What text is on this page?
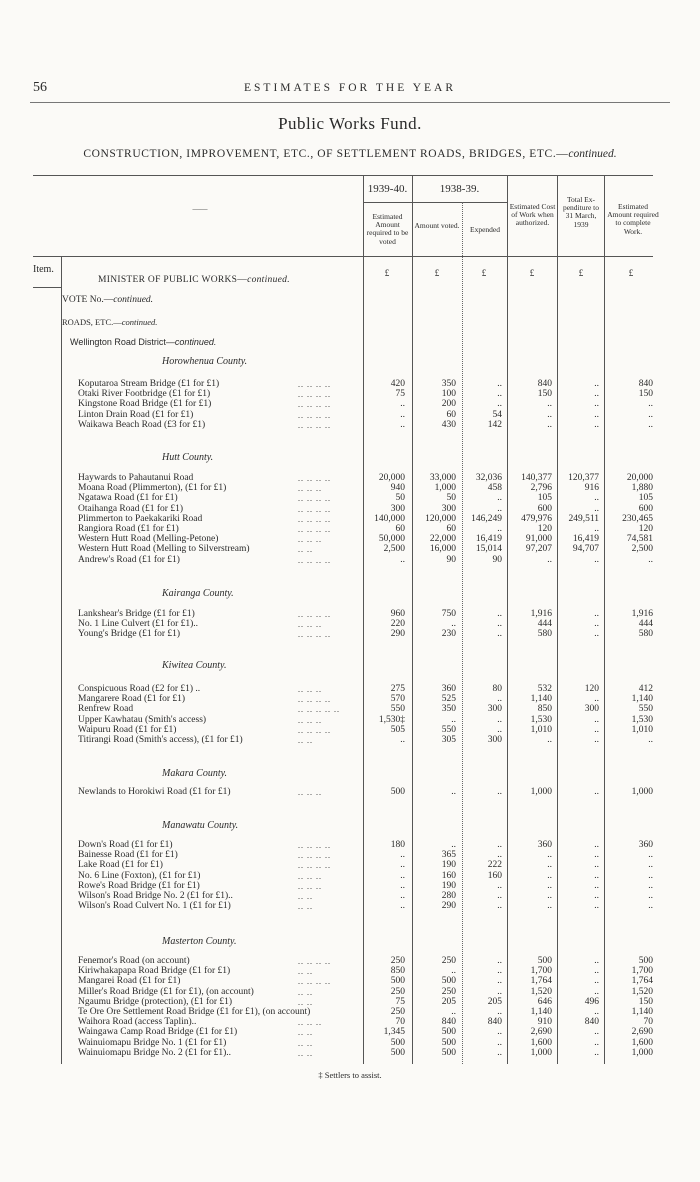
56	ESTIMATES FOR THE YEAR
Public Works Fund.
CONSTRUCTION, IMPROVEMENT, ETC., OF SETTLEMENT ROADS, BRIDGES, ETC.—continued.
——
1939-40.	1938-39.
Estimated Amount required to be voted
Amount voted.	Expended
Estimated Cost of Work when authorized.
Total Ex-penditure to 31 March, 1939
Estimated Amount required to complete Work.
Item.	£	£	£	£	£	£
MINISTER OF PUBLIC WORKS—continued.
VOTE No.—continued.
ROADS, ETC.—continued.
Wellington Road District—continued.
Horowhenua County.
Koputaroa Stream Bridge (£1 for £1)	.. .. .. ..	420	350	..	840	..	840
Otaki River Footbridge (£1 for £1)	.. .. .. ..	75	100	..	150	..	150
Kingstone Road Bridge (£1 for £1)	.. .. .. ..	..	200	..	..	..	..
Linton Drain Road (£1 for £1)	.. .. .. ..	..	60	54	..	..	..
Waikawa Beach Road (£3 for £1)	.. .. .. ..	..	430	142	..	..	..
Hutt County.
Haywards to Pahautanui Road	.. .. .. ..	20,000	33,000	32,036	140,377	120,377	20,000
Moana Road (Plimmerton), (£1 for £1)	.. .. ..	940	1,000	458	2,796	916	1,880
Ngatawa Road (£1 for £1)	.. .. .. ..	50	50	..	105	..	105
Otaihanga Road (£1 for £1)	.. .. .. ..	300	300	..	600	..	600
Plimmerton to Paekakariki Road	.. .. .. ..	140,000	120,000	146,249	479,976	249,511	230,465
Rangiora Road (£1 for £1)	.. .. .. ..	60	60	..	120	..	120
Western Hutt Road (Melling-Petone)	.. .. ..	50,000	22,000	16,419	91,000	16,419	74,581
Western Hutt Road (Melling to Silverstream)	.. ..	2,500	16,000	15,014	97,207	94,707	2,500
Andrew's Road (£1 for £1)	.. .. .. ..	..	90	90	..	..	..
Kairanga County.
Lankshear's Bridge (£1 for £1)	.. .. .. ..	960	750	..	1,916	..	1,916
No. 1 Line Culvert (£1 for £1)..	.. .. ..	220	..	..	444	..	444
Young's Bridge (£1 for £1)	.. .. .. ..	290	230	..	580	..	580
Kiwitea County.
Conspicuous Road (£2 for £1) ..	.. .. ..	275	360	80	532	120	412
Mangarere Road (£1 for £1)	.. .. .. ..	570	525	..	1,140	..	1,140
Renfrew Road	.. .. .. .. ..	550	350	300	850	300	550
Upper Kawhatau (Smith's access)	.. .. ..	1,530‡	..	..	1,530	..	1,530
Waipuru Road (£1 for £1)	.. .. .. ..	505	550	..	1,010	..	1,010
Titirangi Road (Smith's access), (£1 for £1)	.. ..	..	305	300	..	..	..
Makara County.
Newlands to Horokiwi Road (£1 for £1)	.. .. ..	500	..	..	1,000	..	1,000
Manawatu County.
Down's Road (£1 for £1)	.. .. .. ..	180	..	..	360	..	360
Bainesse Road (£1 for £1)	.. .. .. ..	..	365	..	..	..	..
Lake Road (£1 for £1)	.. .. .. ..	..	190	222	..	..	..
No. 6 Line (Foxton), (£1 for £1)	.. .. ..	..	160	160	..	..	..
Rowe's Road Bridge (£1 for £1)	.. .. ..	..	190	..	..	..	..
Wilson's Road Bridge No. 2 (£1 for £1)..	.. ..	..	280	..	..	..	..
Wilson's Road Culvert No. 1 (£1 for £1)	.. ..	..	290	..	..	..	..
Masterton County.
Fenemor's Road (on account)	.. .. .. ..	250	250	..	500	..	500
Kiriwhakapapa Road Bridge (£1 for £1)	.. ..	850	..	..	1,700	..	1,700
Mangarei Road (£1 for £1)	.. .. .. ..	500	500	..	1,764	..	1,764
Miller's Road Bridge (£1 for £1), (on account)	.. ..	250	250	..	1,520	..	1,520
Ngaumu Bridge (protection), (£1 for £1)	.. ..	75	205	205	646	496	150
Te Ore Ore Settlement Road Bridge (£1 for £1), (on account)	250	..	..	1,140	..	1,140
Waihora Road (access Taplin)..	.. .. ..	70	840	840	910	840	70
Waingawa Camp Road Bridge (£1 for £1)	.. ..	1,345	500	..	2,690	..	2,690
Wainuiomapu Bridge No. 1 (£1 for £1)	.. ..	500	500	..	1,600	..	1,600
Wainuiomapu Bridge No. 2 (£1 for £1)..	.. ..	500	500	..	1,000	..	1,000
‡ Settlers to assist.
